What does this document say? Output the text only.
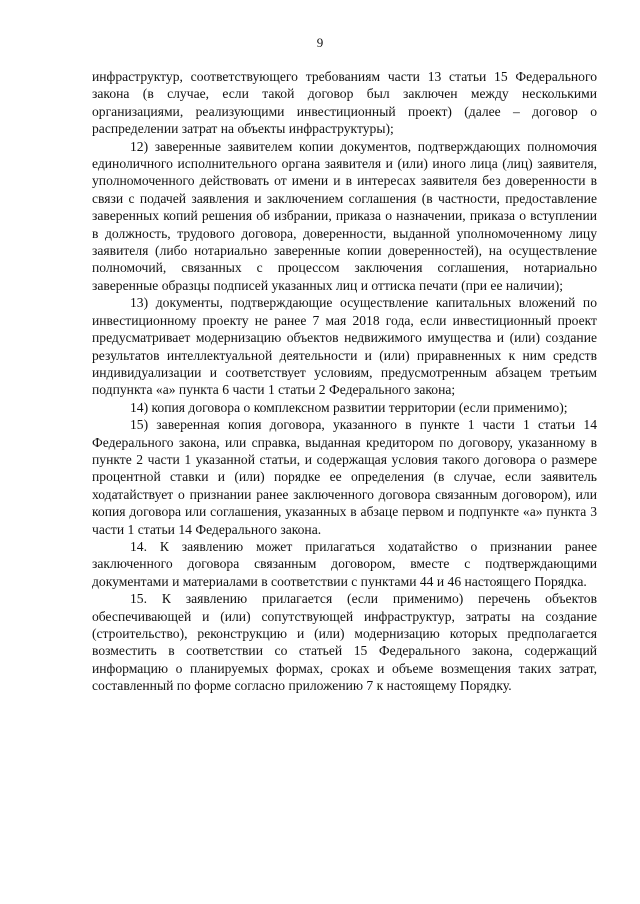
9

инфраструктур, соответствующего требованиям части 13 статьи 15 Федерального закона (в случае, если такой договор был заключен между несколькими организациями, реализующими инвестиционный проект) (далее – договор о распределении затрат на объекты инфраструктуры);

12) заверенные заявителем копии документов, подтверждающих полномочия единоличного исполнительного органа заявителя и (или) иного лица (лиц) заявителя, уполномоченного действовать от имени и в интересах заявителя без доверенности в связи с подачей заявления и заключением соглашения (в частности, предоставление заверенных копий решения об избрании, приказа о назначении, приказа о вступлении в должность, трудового договора, доверенности, выданной уполномоченному лицу заявителя (либо нотариально заверенные копии доверенностей), на осуществление полномочий, связанных с процессом заключения соглашения, нотариально заверенные образцы подписей указанных лиц и оттиска печати (при ее наличии);

13) документы, подтверждающие осуществление капитальных вложений по инвестиционному проекту не ранее 7 мая 2018 года, если инвестиционный проект предусматривает модернизацию объектов недвижимого имущества и (или) создание результатов интеллектуальной деятельности и (или) приравненных к ним средств индивидуализации и соответствует условиям, предусмотренным абзацем третьим подпункта «а» пункта 6 части 1 статьи 2 Федерального закона;

14) копия договора о комплексном развитии территории (если применимо);

15) заверенная копия договора, указанного в пункте 1 части 1 статьи 14 Федерального закона, или справка, выданная кредитором по договору, указанному в пункте 2 части 1 указанной статьи, и содержащая условия такого договора о размере процентной ставки и (или) порядке ее определения (в случае, если заявитель ходатайствует о признании ранее заключенного договора связанным договором), или копия договора или соглашения, указанных в абзаце первом и подпункте «а» пункта 3 части 1 статьи 14 Федерального закона.

14. К заявлению может прилагаться ходатайство о признании ранее заключенного договора связанным договором, вместе с подтверждающими документами и материалами в соответствии с пунктами 44 и 46 настоящего Порядка.

15. К заявлению прилагается (если применимо) перечень объектов обеспечивающей и (или) сопутствующей инфраструктур, затраты на создание (строительство), реконструкцию и (или) модернизацию которых предполагается возместить в соответствии со статьей 15 Федерального закона, содержащий информацию о планируемых формах, сроках и объеме возмещения таких затрат, составленный по форме согласно приложению 7 к настоящему Порядку.
